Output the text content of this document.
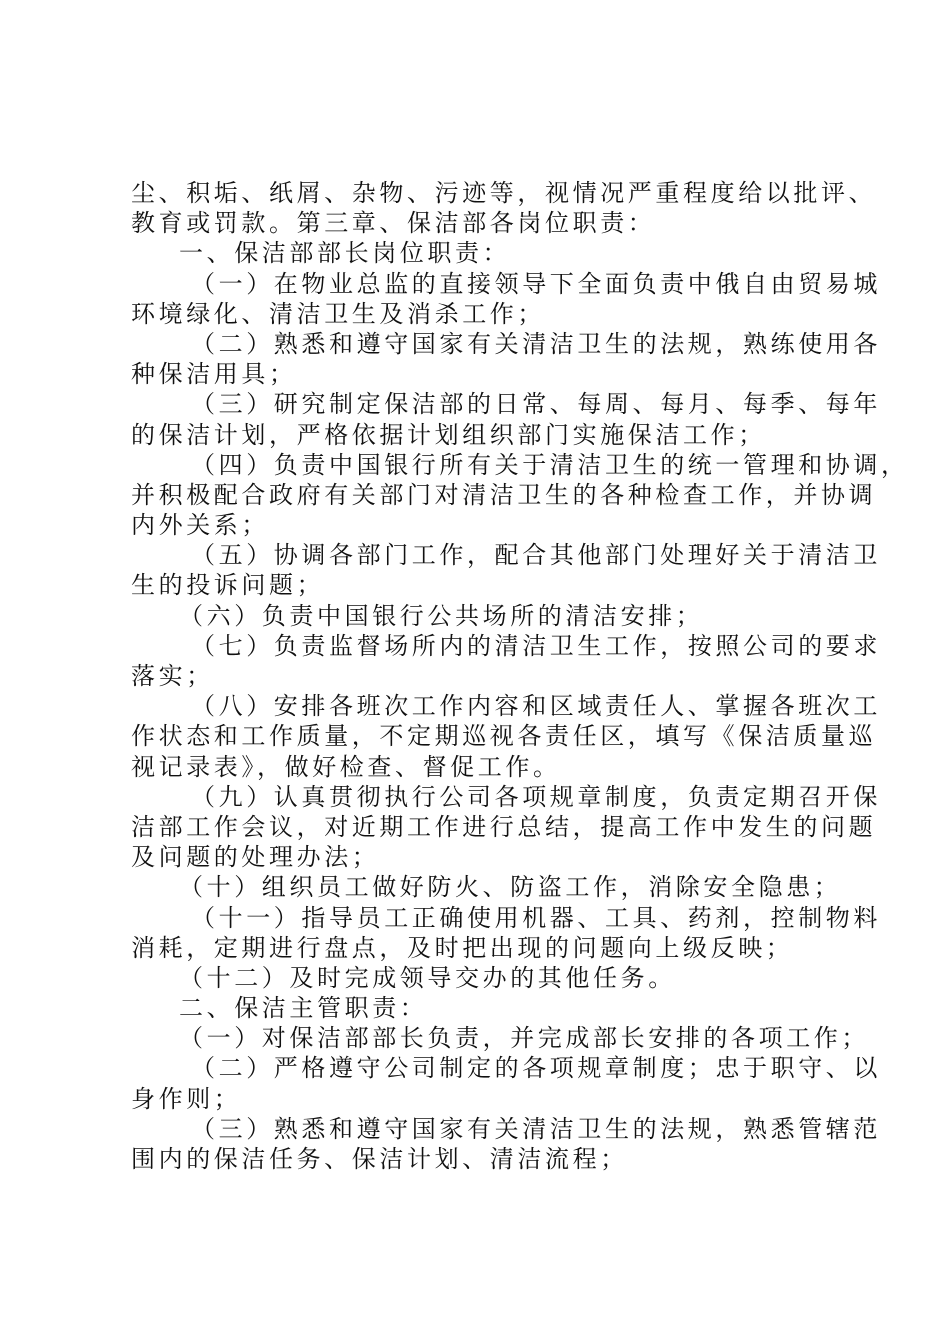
尘、积垢、纸屑、杂物、污迹等，视情况严重程度给以批评、
教育或罚款。第三章、保洁部各岗位职责：
一、保洁部部长岗位职责：
（一）在物业总监的直接领导下全面负责中俄自由贸易城
环境绿化、清洁卫生及消杀工作；
（二）熟悉和遵守国家有关清洁卫生的法规，熟练使用各
种保洁用具；
（三）研究制定保洁部的日常、每周、每月、每季、每年
的保洁计划，严格依据计划组织部门实施保洁工作；
（四）负责中国银行所有关于清洁卫生的统一管理和协调，
并积极配合政府有关部门对清洁卫生的各种检查工作，并协调
内外关系；
（五）协调各部门工作，配合其他部门处理好关于清洁卫
生的投诉问题；
（六）负责中国银行公共场所的清洁安排；
（七）负责监督场所内的清洁卫生工作，按照公司的要求
落实；
（八）安排各班次工作内容和区域责任人、掌握各班次工
作状态和工作质量，不定期巡视各责任区，填写《保洁质量巡
视记录表》，做好检查、督促工作。
（九）认真贯彻执行公司各项规章制度，负责定期召开保
洁部工作会议，对近期工作进行总结，提高工作中发生的问题
及问题的处理办法；
（十）组织员工做好防火、防盗工作，消除安全隐患；
（十一）指导员工正确使用机器、工具、药剂，控制物料
消耗，定期进行盘点，及时把出现的问题向上级反映；
（十二）及时完成领导交办的其他任务。
二、保洁主管职责：
（一）对保洁部部长负责，并完成部长安排的各项工作；
（二）严格遵守公司制定的各项规章制度；忠于职守、以
身作则；
（三）熟悉和遵守国家有关清洁卫生的法规，熟悉管辖范
围内的保洁任务、保洁计划、清洁流程；
